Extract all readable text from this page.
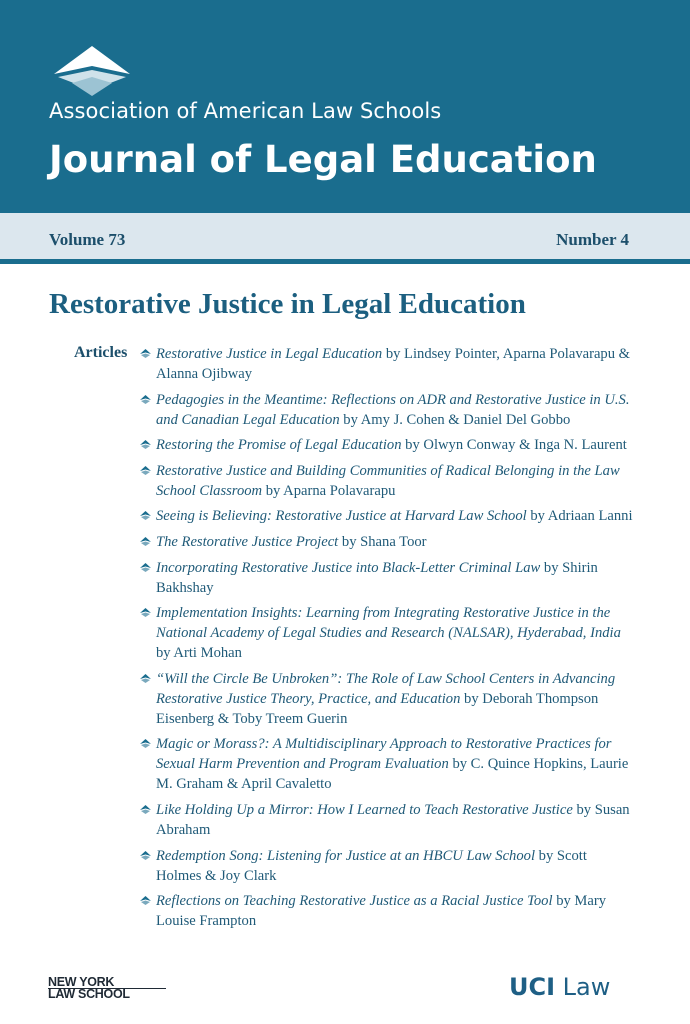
Association of American Law Schools
Journal of Legal Education
Volume 73	Number 4
Restorative Justice in Legal Education
Articles	Restorative Justice in Legal Education by Lindsey Pointer, Aparna Polavarapu & Alanna Ojibway
Pedagogies in the Meantime: Reflections on ADR and Restorative Justice in U.S. and Canadian Legal Education by Amy J. Cohen & Daniel Del Gobbo
Restoring the Promise of Legal Education by Olwyn Conway & Inga N. Laurent
Restorative Justice and Building Communities of Radical Belonging in the Law School Classroom by Aparna Polavarapu
Seeing is Believing: Restorative Justice at Harvard Law School by Adriaan Lanni
The Restorative Justice Project by Shana Toor
Incorporating Restorative Justice into Black-Letter Criminal Law by Shirin Bakhshay
Implementation Insights: Learning from Integrating Restorative Justice in the National Academy of Legal Studies and Research (NALSAR), Hyderabad, India by Arti Mohan
“Will the Circle Be Unbroken”: The Role of Law School Centers in Advancing Restorative Justice Theory, Practice, and Education by Deborah Thompson Eisenberg & Toby Treem Guerin
Magic or Morass?: A Multidisciplinary Approach to Restorative Practices for Sexual Harm Prevention and Program Evaluation by C. Quince Hopkins, Laurie M. Graham & April Cavaletto
Like Holding Up a Mirror: How I Learned to Teach Restorative Justice by Susan Abraham
Redemption Song: Listening for Justice at an HBCU Law School by Scott Holmes & Joy Clark
Reflections on Teaching Restorative Justice as a Racial Justice Tool by Mary Louise Frampton
NEW YORK
LAW SCHOOL	UCI Law
